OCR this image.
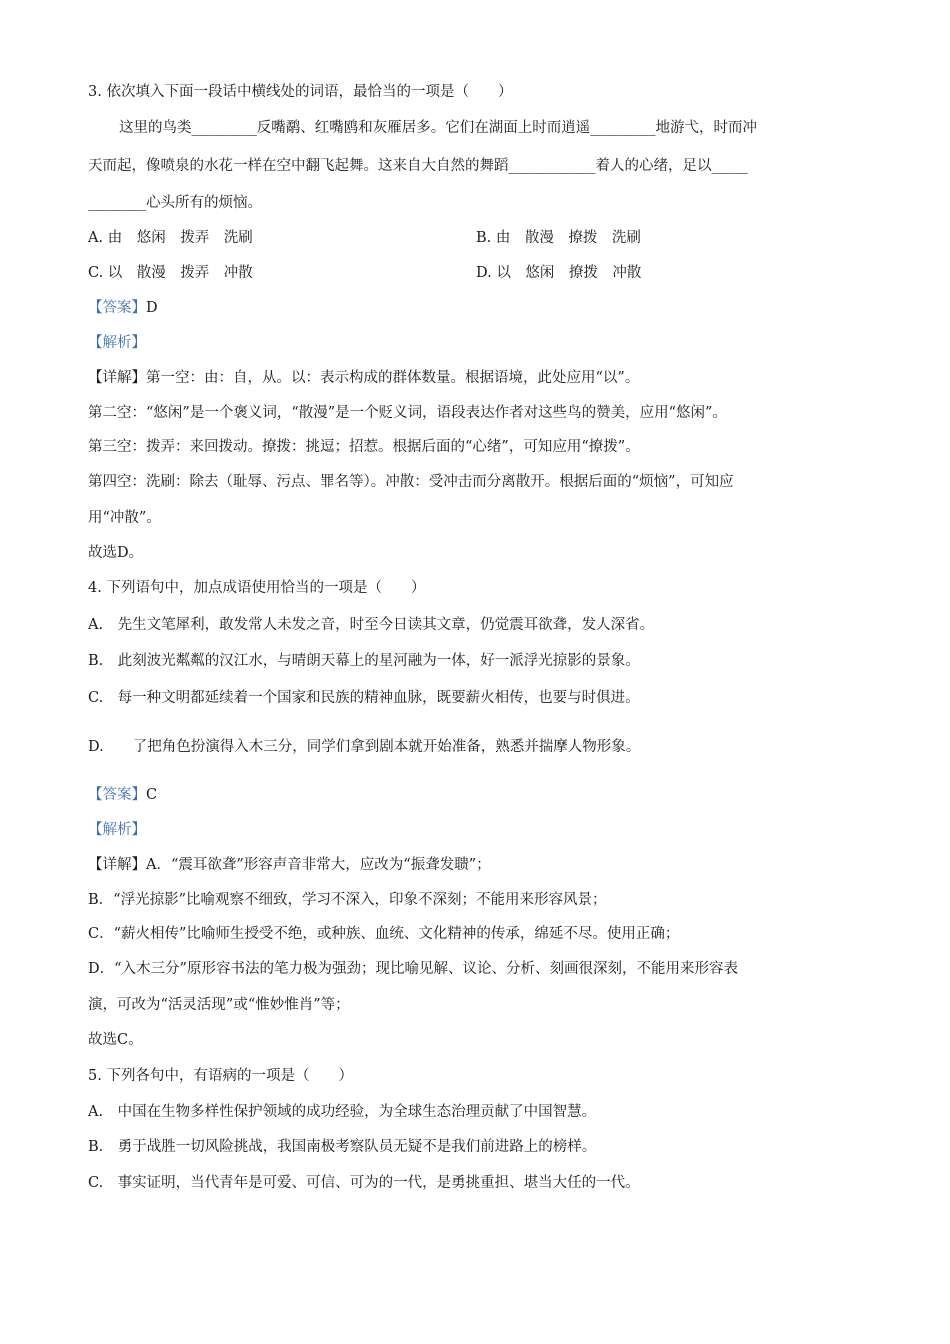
3. 依次填入下面一段话中横线处的词语，最恰当的一项是（　　）
这里的鸟类_________反嘴鹬、红嘴鸥和灰雁居多。它们在湖面上时而逍遥_________地游弋，时而冲
天而起，像喷泉的水花一样在空中翻飞起舞。这来自大自然的舞蹈____________着人的心绪，足以_____
________心头所有的烦恼。
A. 由　悠闲　拨弄　洗刷	B. 由　散漫　撩拨　洗刷
C. 以　散漫　拨弄　冲散	D. 以　悠闲　撩拨　冲散
【答案】D
【解析】
【详解】第一空：由：自，从。以：表示构成的群体数量。根据语境，此处应用“以”。
第二空：“悠闲”是一个褒义词，“散漫”是一个贬义词，语段表达作者对这些鸟的赞美，应用“悠闲”。
第三空：拨弄：来回拨动。撩拨：挑逗；招惹。根据后面的“心绪”，可知应用“撩拨”。
第四空：洗刷：除去（耻辱、污点、罪名等）。冲散：受冲击而分离散开。根据后面的“烦恼”，可知应
用“冲散”。
故选D。
4. 下列语句中，加点成语使用恰当的一项是（　　）
A.　先生文笔犀利，敢发常人未发之音，时至今日读其文章，仍觉震耳欲聋，发人深省。
B.　此刻波光粼粼的汉江水，与晴朗天幕上的星河融为一体，好一派浮光掠影的景象。
C.　每一种文明都延续着一个国家和民族的精神血脉，既要薪火相传，也要与时俱进。
D.　　了把角色扮演得入木三分，同学们拿到剧本就开始准备，熟悉并揣摩人物形象。
【答案】C
【解析】
【详解】A．“震耳欲聋”形容声音非常大，应改为“振聋发聩”；
B．“浮光掠影”比喻观察不细致，学习不深入，印象不深刻；不能用来形容风景；
C．“薪火相传”比喻师生授受不绝，或种族、血统、文化精神的传承，绵延不尽。使用正确；
D．“入木三分”原形容书法的笔力极为强劲；现比喻见解、议论、分析、刻画很深刻，不能用来形容表
演，可改为“活灵活现”或“惟妙惟肖”等；
故选C。
5. 下列各句中，有语病的一项是（　　）
A.　中国在生物多样性保护领域的成功经验，为全球生态治理贡献了中国智慧。
B.　勇于战胜一切风险挑战，我国南极考察队员无疑不是我们前进路上的榜样。
C.　事实证明，当代青年是可爱、可信、可为的一代，是勇挑重担、堪当大任的一代。
